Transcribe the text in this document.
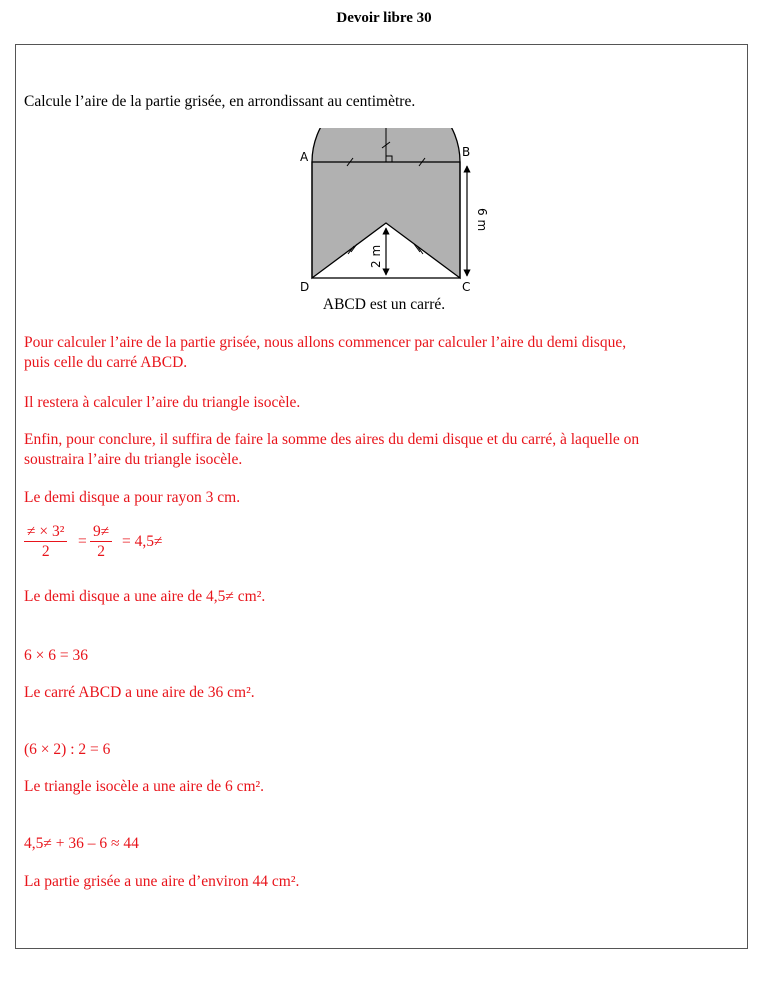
Devoir libre 30
Calcule l’aire de la partie grisée, en arrondissant au centimètre.
A	B
D	C
6 m
2 m
ABCD est un carré.
Pour calculer l’aire de la partie grisée, nous allons commencer par calculer l’aire du demi disque,
puis celle du carré ABCD.
Il restera à calculer l’aire du triangle isocèle.
Enfin, pour conclure, il suffira de faire la somme des aires du demi disque et du carré, à laquelle on
soustraira l’aire du triangle isocèle.
Le demi disque a pour rayon 3 cm.
$\frac{\text{≠ × 3²}}{2} = \frac{9\ne}{2} = 4,5\ne$
Le demi disque a une aire de 4,5≠ cm².
6 × 6 = 36
Le carré ABCD a une aire de 36 cm².
(6 × 2) : 2 = 6
Le triangle isocèle a une aire de 6 cm².
4,5≠ + 36 – 6 ≈ 44
La partie grisée a une aire d’environ 44 cm².
